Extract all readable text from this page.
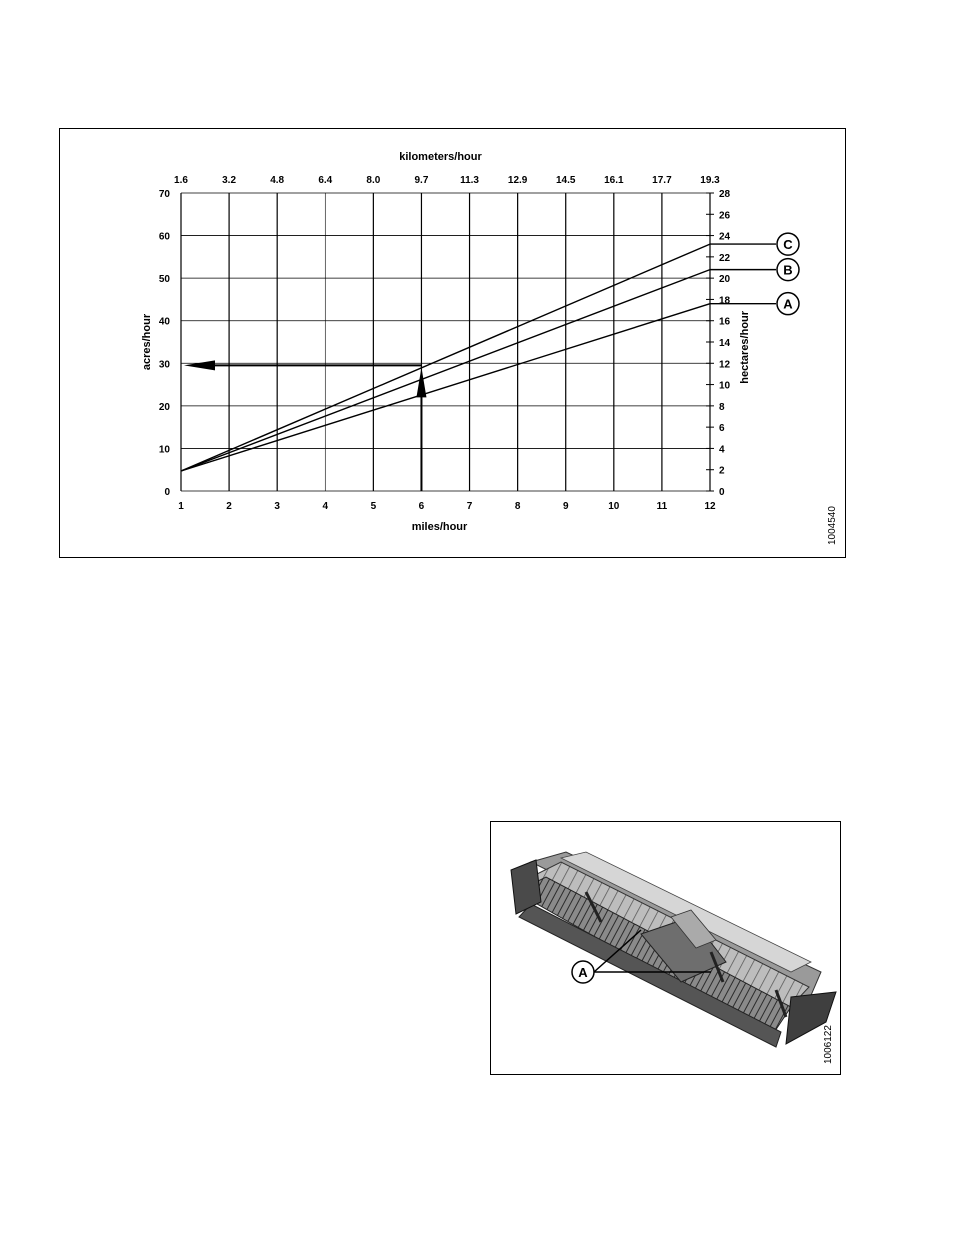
1	2	3	4	5	6	7	8	9	10	11	12
1.6	3.2	4.8	6.4	8.0	9.7	11.3	12.9	14.5	16.1	17.7	19.3
0
10
20
30
40
50
60
70
0
2
4
6
8
10
12
14
16
18
20
22
24
26
28
kilometers/hour
miles/hour
acres/hour	hectares/hour
A
B
C
1004540
A
1006122
